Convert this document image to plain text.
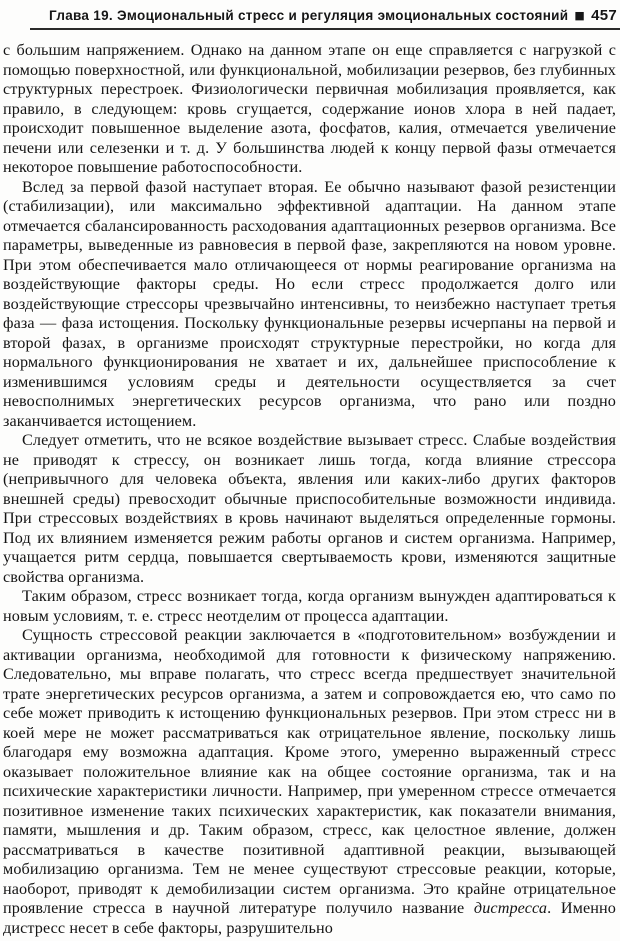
Глава 19. Эмоциональный стресс и регуляция эмоциональных состояний ■ 457

с большим напряжением. Однако на данном этапе он еще справляется с нагрузкой с помощью поверхностной, или функциональной, мобилизации резервов, без глубинных структурных перестроек. Физиологически первичная мобилизация проявляется, как правило, в следующем: кровь сгущается, содержание ионов хлора в ней падает, происходит повышенное выделение азота, фосфатов, калия, отмечается увеличение печени или селезенки и т. д. У большинства людей к концу первой фазы отмечается некоторое повышение работоспособности.

Вслед за первой фазой наступает вторая. Ее обычно называют фазой резистенции (стабилизации), или максимально эффективной адаптации. На данном этапе отмечается сбалансированность расходования адаптационных резервов организма. Все параметры, выведенные из равновесия в первой фазе, закрепляются на новом уровне. При этом обеспечивается мало отличающееся от нормы реагирование организма на воздействующие факторы среды. Но если стресс продолжается долго или воздействующие стрессоры чрезвычайно интенсивны, то неизбежно наступает третья фаза — фаза истощения. Поскольку функциональные резервы исчерпаны на первой и второй фазах, в организме происходят структурные перестройки, но когда для нормального функционирования не хватает и их, дальнейшее приспособление к изменившимся условиям среды и деятельности осуществляется за счет невосполнимых энергетических ресурсов организма, что рано или поздно заканчивается истощением.

Следует отметить, что не всякое воздействие вызывает стресс. Слабые воздействия не приводят к стрессу, он возникает лишь тогда, когда влияние стрессора (непривычного для человека объекта, явления или каких-либо других факторов внешней среды) превосходит обычные приспособительные возможности индивида. При стрессовых воздействиях в кровь начинают выделяться определенные гормоны. Под их влиянием изменяется режим работы органов и систем организма. Например, учащается ритм сердца, повышается свертываемость крови, изменяются защитные свойства организма.

Таким образом, стресс возникает тогда, когда организм вынужден адаптироваться к новым условиям, т. е. стресс неотделим от процесса адаптации.

Сущность стрессовой реакции заключается в «подготовительном» возбуждении и активации организма, необходимой для готовности к физическому напряжению. Следовательно, мы вправе полагать, что стресс всегда предшествует значительной трате энергетических ресурсов организма, а затем и сопровождается ею, что само по себе может приводить к истощению функциональных резервов. При этом стресс ни в коей мере не может рассматриваться как отрицательное явление, поскольку лишь благодаря ему возможна адаптация. Кроме этого, умеренно выраженный стресс оказывает положительное влияние как на общее состояние организма, так и на психические характеристики личности. Например, при умеренном стрессе отмечается позитивное изменение таких психических характеристик, как показатели внимания, памяти, мышления и др. Таким образом, стресс, как целостное явление, должен рассматриваться в качестве позитивной адаптивной реакции, вызывающей мобилизацию организма. Тем не менее существуют стрессовые реакции, которые, наоборот, приводят к демобилизации систем организма. Это крайне отрицательное проявление стресса в научной литературе получило название дистресса. Именно дистресс несет в себе факторы, разрушительно
